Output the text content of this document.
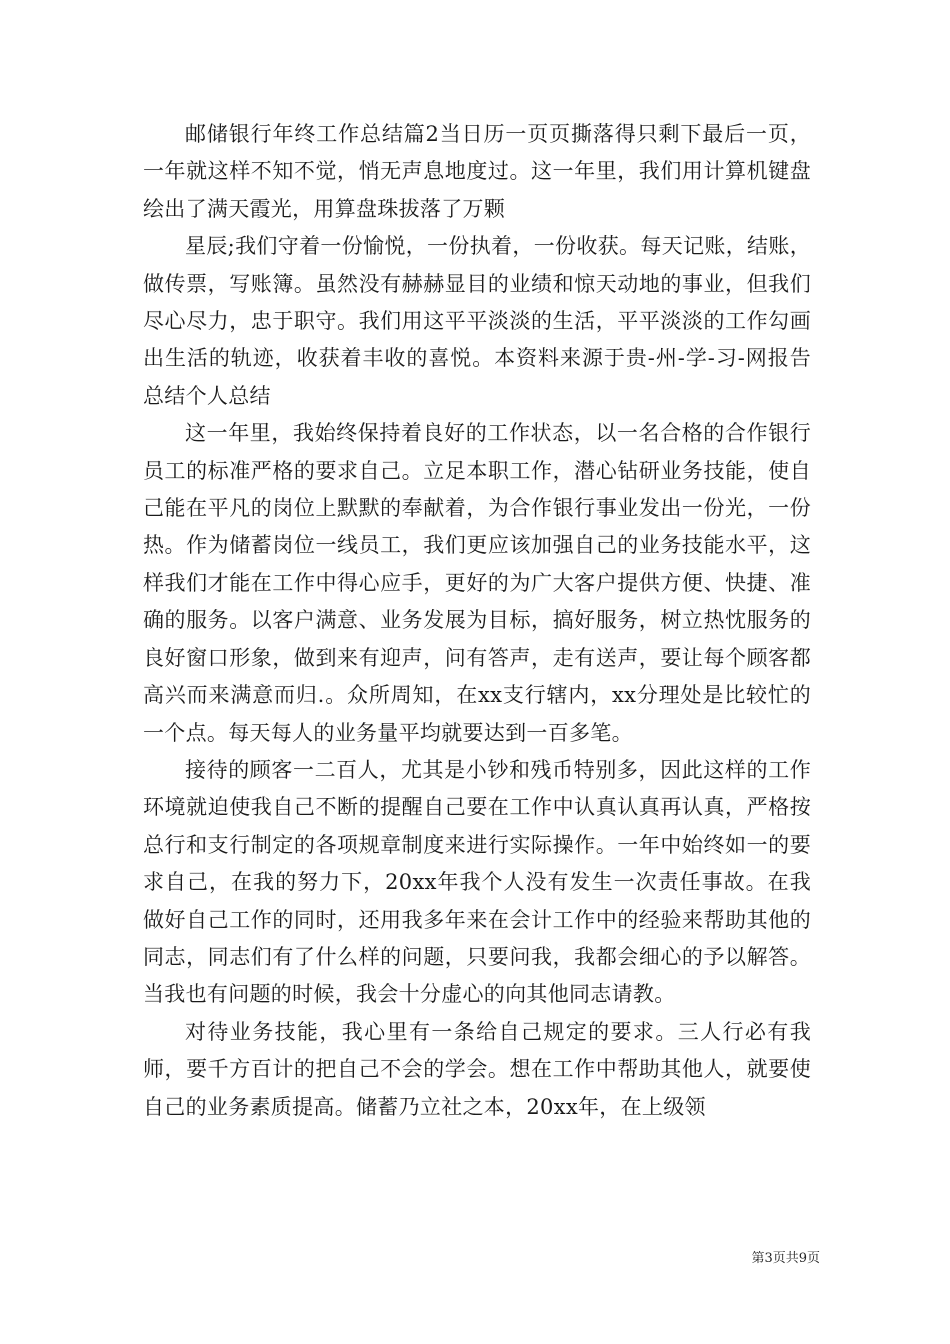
邮储银行年终工作总结篇2当日历一页页撕落得只剩下最后一页，一年就这样不知不觉，悄无声息地度过。这一年里，我们用计算机键盘绘出了满天霞光，用算盘珠拔落了万颗

星辰;我们守着一份愉悦，一份执着，一份收获。每天记账，结账，做传票，写账簿。虽然没有赫赫显目的业绩和惊天动地的事业，但我们尽心尽力，忠于职守。我们用这平平淡淡的生活，平平淡淡的工作勾画出生活的轨迹，收获着丰收的喜悦。本资料来源于贵-州-学-习-网报告总结个人总结

这一年里，我始终保持着良好的工作状态，以一名合格的合作银行员工的标准严格的要求自己。立足本职工作，潜心钻研业务技能，使自己能在平凡的岗位上默默的奉献着，为合作银行事业发出一份光，一份热。作为储蓄岗位一线员工，我们更应该加强自己的业务技能水平，这样我们才能在工作中得心应手，更好的为广大客户提供方便、快捷、准确的服务。以客户满意、业务发展为目标，搞好服务，树立热忱服务的良好窗口形象，做到来有迎声，问有答声，走有送声，要让每个顾客都高兴而来满意而归.。众所周知，在xx支行辖内，xx分理处是比较忙的一个点。每天每人的业务量平均就要达到一百多笔。

接待的顾客一二百人，尤其是小钞和残币特别多，因此这样的工作环境就迫使我自己不断的提醒自己要在工作中认真认真再认真，严格按总行和支行制定的各项规章制度来进行实际操作。一年中始终如一的要求自己，在我的努力下，20xx年我个人没有发生一次责任事故。在我做好自己工作的同时，还用我多年来在会计工作中的经验来帮助其他的同志，同志们有了什么样的问题，只要问我，我都会细心的予以解答。当我也有问题的时候，我会十分虚心的向其他同志请教。

对待业务技能，我心里有一条给自己规定的要求。三人行必有我师，要千方百计的把自己不会的学会。想在工作中帮助其他人，就要使自己的业务素质提高。储蓄乃立社之本，20xx年，在上级领

第3页共9页
